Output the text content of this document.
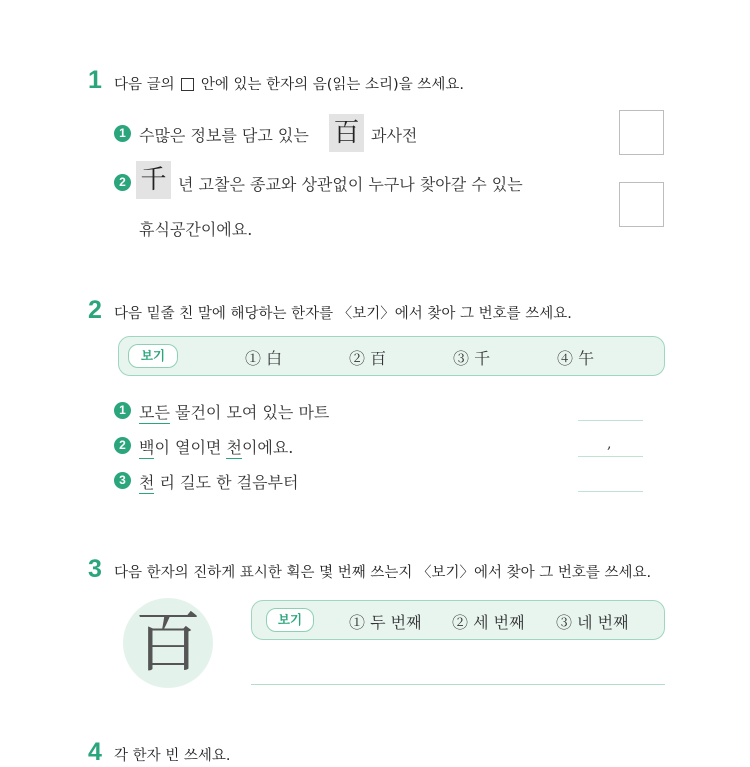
1 다음 글의 안에 있는 한자의 음(읽는 소리)을 쓰세요.
1 수많은 정보를 담고 있는 百 과사전
2 千 년 고찰은 종교와 상관없이 누구나 찾아갈 수 있는
휴식공간이에요.
2 다음 밑줄 친 말에 해당하는 한자를 〈보기〉에서 찾아 그 번호를 쓰세요.
보기	① 白	② 百	③ 千	④ 午
1 모든 물건이 모여 있는 마트
2 백이 열이면 천이에요.	,
3 천 리 길도 한 걸음부터
3 다음 한자의 진하게 표시한 획은 몇 번째 쓰는지 〈보기〉에서 찾아 그 번호를 쓰세요.
百	보기	① 두 번째 ② 세 번째 ③ 네 번째
4 각 한자 빈 쓰세요.
